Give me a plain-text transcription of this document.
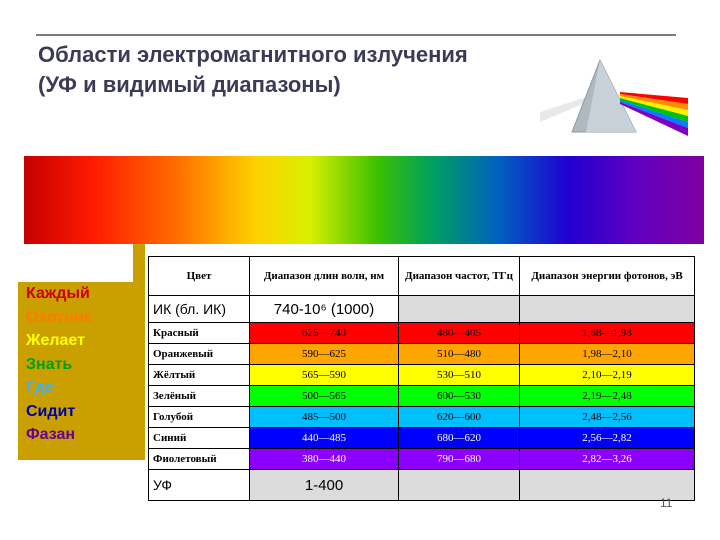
Области электромагнитного излучения
(УФ и видимый диапазоны)
Каждый
Охотник
Желает
Знать
Где
Сидит
Фазан
Цвет	Диапазон длин волн, нм	Диапазон частот, ТГц	Диапазон энергии фотонов, эВ
ИК (бл. ИК)	740-10⁶ (1000)		
Красный	625—740	480—405	1,68—1,98
Оранжевый	590—625	510—480	1,98—2,10
Жёлтый	565—590	530—510	2,10—2,19
Зелёный	500—565	600—530	2,19—2,48
Голубой	485—500	620—600	2,48—2,56
Синий	440—485	680—620	2,56—2,82
Фиолетовый	380—440	790—680	2,82—3,26
УФ	1-400		
11
